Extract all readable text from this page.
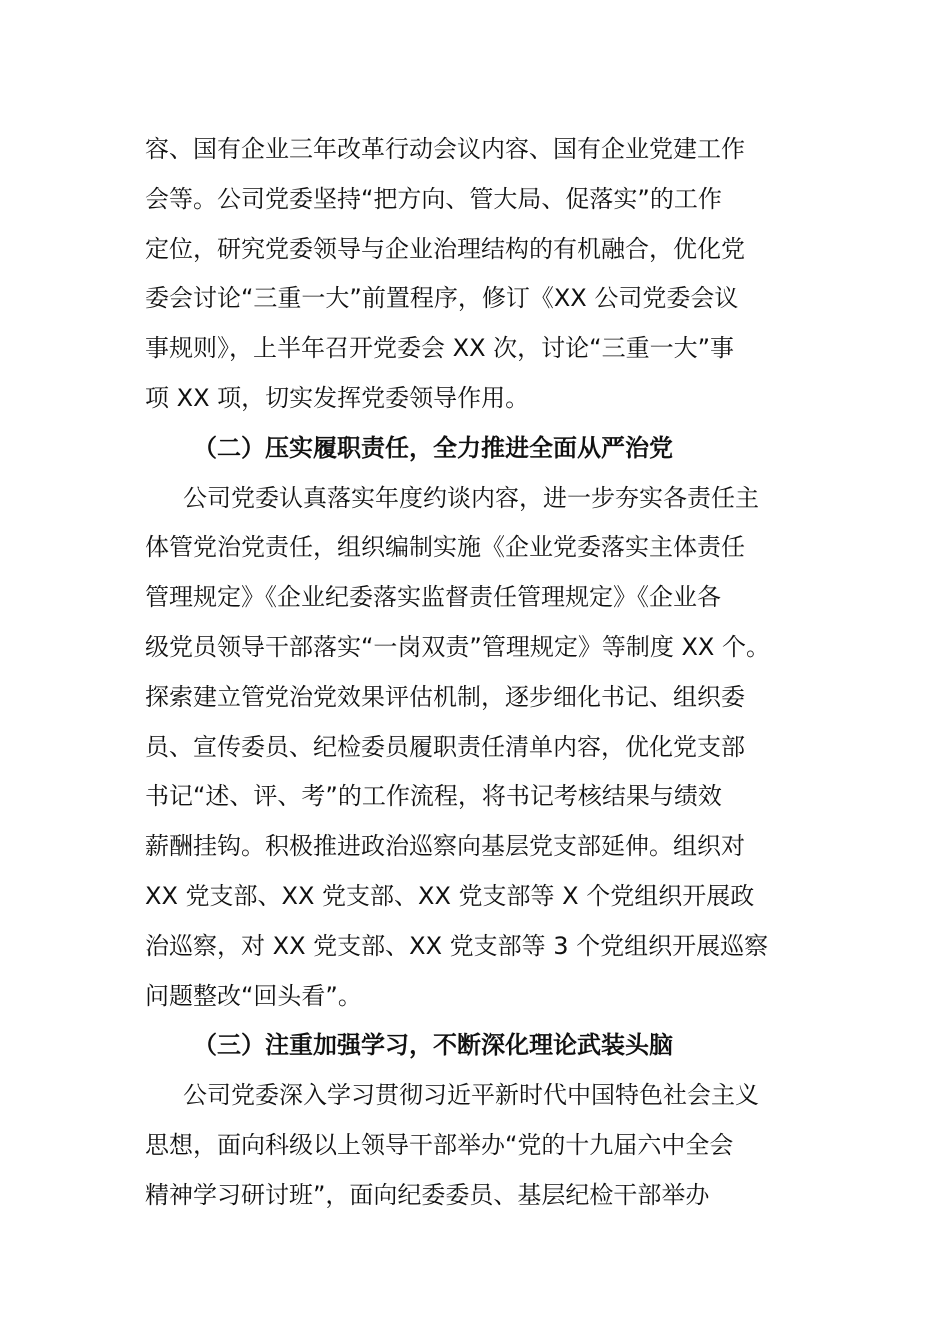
容、国有企业三年改革行动会议内容、国有企业党建工作
会等。公司党委坚持“把方向、管大局、促落实”的工作
定位，研究党委领导与企业治理结构的有机融合，优化党
委会讨论“三重一大”前置程序，修订《XX 公司党委会议
事规则》，上半年召开党委会 XX 次，讨论“三重一大”事
项 XX 项，切实发挥党委领导作用。
（二）压实履职责任，全力推进全面从严治党
公司党委认真落实年度约谈内容，进一步夯实各责任主
体管党治党责任，组织编制实施《企业党委落实主体责任
管理规定》《企业纪委落实监督责任管理规定》《企业各
级党员领导干部落实“一岗双责”管理规定》等制度 XX 个。
探索建立管党治党效果评估机制，逐步细化书记、组织委
员、宣传委员、纪检委员履职责任清单内容，优化党支部
书记“述、评、考”的工作流程，将书记考核结果与绩效
薪酬挂钩。积极推进政治巡察向基层党支部延伸。组织对
XX 党支部、XX 党支部、XX 党支部等 X 个党组织开展政
治巡察，对 XX 党支部、XX 党支部等 3 个党组织开展巡察
问题整改“回头看”。
（三）注重加强学习，不断深化理论武装头脑
公司党委深入学习贯彻习近平新时代中国特色社会主义
思想，面向科级以上领导干部举办“党的十九届六中全会
精神学习研讨班”，面向纪委委员、基层纪检干部举办
